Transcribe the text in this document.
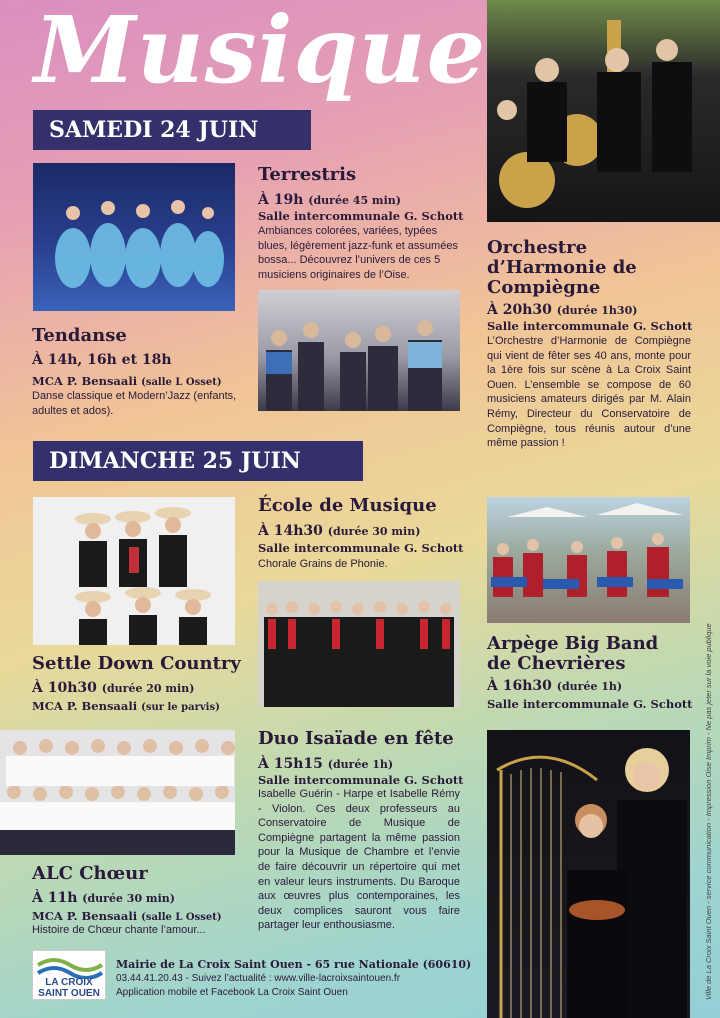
Musique
SAMEDI 24 JUIN
Tendanse
À 14h, 16h et 18h
MCA P. Bensaali (salle L Osset)
Danse classique et Modern’Jazz (enfants, adultes et ados).
Terrestris
À 19h (durée 45 min)
Salle intercommunale G. Schott
Ambiances colorées, variées, typées blues, légèrement jazz-funk et assumées bossa... Découvrez l’univers de ces 5 musiciens originaires de l’Oise.
Orchestre
d’Harmonie de
Compiègne
À 20h30 (durée 1h30)
Salle intercommunale G. Schott
L’Orchestre d’Harmonie de Compiègne qui vient de fêter ses 40 ans, monte pour la 1ère fois sur scène à La Croix Saint Ouen. L’ensemble se compose de 60 musiciens amateurs dirigés par M. Alain Rémy, Directeur du Conservatoire de Compiègne, tous réunis autour d’une même passion !
DIMANCHE 25 JUIN
Settle Down Country
À 10h30 (durée 20 min)
MCA P. Bensaali (sur le parvis)
École de Musique
À 14h30 (durée 30 min)
Salle intercommunale G. Schott
Chorale Grains de Phonie.
Arpège Big Band
de Chevrières
À 16h30 (durée 1h)
Salle intercommunale G. Schott
ALC Chœur
À 11h (durée 30 min)
MCA P. Bensaali (salle L Osset)
Histoire de Chœur chante l’amour...
Duo Isaïade en fête
À 15h15 (durée 1h)
Salle intercommunale G. Schott
Isabelle Guérin - Harpe et Isabelle Rémy - Violon. Ces deux professeurs au Conservatoire de Musique de Compiègne partagent la même passion pour la Musique de Chambre et l’envie de faire découvrir un répertoire qui met en valeur leurs instruments. Du Baroque aux œuvres plus contemporaines, les deux complices sauront vous faire partager leur enthousiasme.
LA CROIX
SAINT OUEN
Mairie de La Croix Saint Ouen - 65 rue Nationale (60610)
03.44.41.20.43 - Suivez l’actualité : www.ville-lacroixsaintouen.fr
Application mobile et Facebook La Croix Saint Ouen	Ville de La Croix Saint Ouen - service communication - Impression Oise Imprim - Ne pas jeter sur la voie publique
